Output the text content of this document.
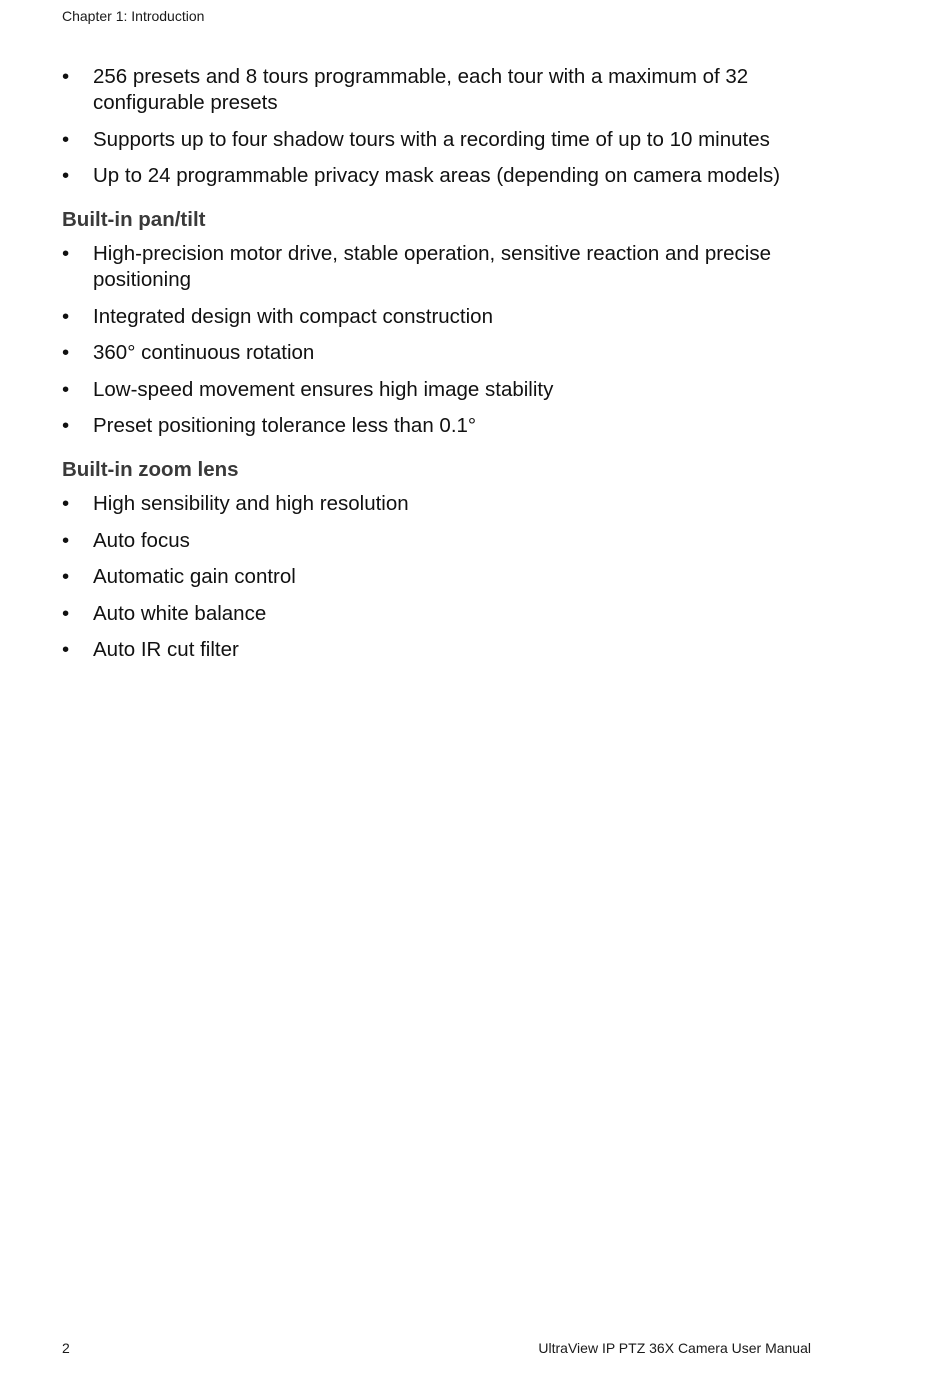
Chapter 1: Introduction
•	256 presets and 8 tours programmable, each tour with a maximum of 32 configurable presets
•	Supports up to four shadow tours with a recording time of up to 10 minutes
•	Up to 24 programmable privacy mask areas (depending on camera models)
Built-in pan/tilt
•	High-precision motor drive, stable operation, sensitive reaction and precise positioning
•	Integrated design with compact construction
•	360° continuous rotation
•	Low-speed movement ensures high image stability
•	Preset positioning tolerance less than 0.1°
Built-in zoom lens
•	High sensibility and high resolution
•	Auto focus
•	Automatic gain control
•	Auto white balance
•	Auto IR cut filter
2	UltraView IP PTZ 36X Camera User Manual
